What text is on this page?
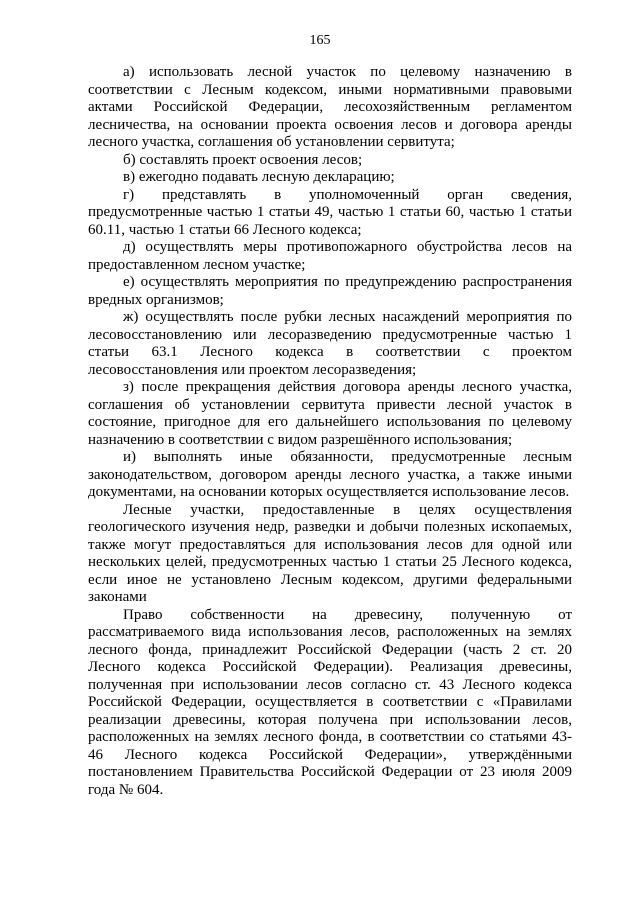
165
а) использовать лесной участок по целевому назначению в
соответствии с Лесным кодексом, иными нормативными правовыми
актами Российской Федерации, лесохозяйственным регламентом
лесничества, на основании проекта освоения лесов и договора аренды
лесного участка, соглашения об установлении сервитута;
б) составлять проект освоения лесов;
в) ежегодно подавать лесную декларацию;
г) представлять в уполномоченный орган сведения,
предусмотренные частью 1 статьи 49, частью 1 статьи 60, частью 1 статьи
60.11, частью 1 статьи 66 Лесного кодекса;
д) осуществлять меры противопожарного обустройства лесов на
предоставленном лесном участке;
е) осуществлять мероприятия по предупреждению распространения
вредных организмов;
ж) осуществлять после рубки лесных насаждений мероприятия по
лесовосстановлению или лесоразведению предусмотренные частью 1
статьи 63.1 Лесного кодекса в соответствии с проектом
лесовосстановления или проектом лесоразведения;
з) после прекращения действия договора аренды лесного участка,
соглашения об установлении сервитута привести лесной участок в
состояние, пригодное для его дальнейшего использования по целевому
назначению в соответствии с видом разрешённого использования;
и) выполнять иные обязанности, предусмотренные лесным
законодательством, договором аренды лесного участка, а также иными
документами, на основании которых осуществляется использование лесов.
Лесные участки, предоставленные в целях осуществления
геологического изучения недр, разведки и добычи полезных ископаемых,
также могут предоставляться для использования лесов для одной или
нескольких целей, предусмотренных частью 1 статьи 25 Лесного кодекса,
если иное не установлено Лесным кодексом, другими федеральными
законами
Право собственности на древесину, полученную от
рассматриваемого вида использования лесов, расположенных на землях
лесного фонда, принадлежит Российской Федерации (часть 2 ст. 20
Лесного кодекса Российской Федерации). Реализация древесины,
полученная при использовании лесов согласно ст. 43 Лесного кодекса
Российской Федерации, осуществляется в соответствии с «Правилами
реализации древесины, которая получена при использовании лесов,
расположенных на землях лесного фонда, в соответствии со статьями 43-
46 Лесного кодекса Российской Федерации», утверждёнными
постановлением Правительства Российской Федерации от 23 июля 2009
года № 604.
